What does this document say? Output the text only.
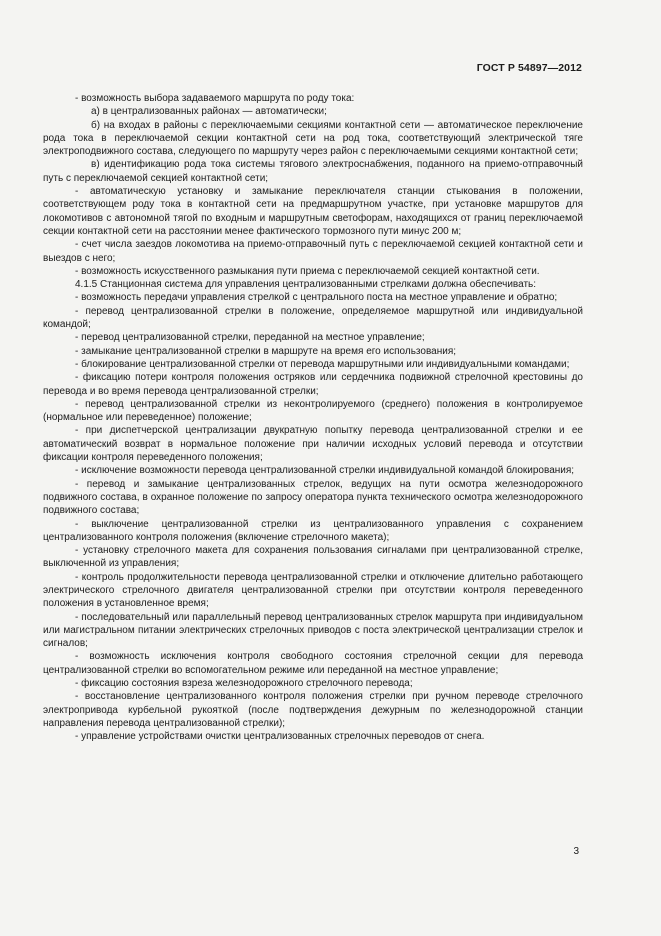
ГОСТ Р 54897—2012

- возможность выбора задаваемого маршрута по роду тока:

а) в централизованных районах — автоматически;

б) на входах в районы с переключаемыми секциями контактной сети — автоматическое переключение рода тока в переключаемой секции контактной сети на род тока, соответствующий электрической тяге электроподвижного состава, следующего по маршруту через район с переключаемыми секциями контактной сети;

в) идентификацию рода тока системы тягового электроснабжения, поданного на приемо-отправочный путь с переключаемой секцией контактной сети;

- автоматическую установку и замыкание переключателя станции стыкования в положении, соответствующем роду тока в контактной сети на предмаршрутном участке, при установке маршрутов для локомотивов с автономной тягой по входным и маршрутным светофорам, находящихся от границ переключаемой секции контактной сети на расстоянии менее фактического тормозного пути минус 200 м;

- счет числа заездов локомотива на приемо-отправочный путь с переключаемой секцией контактной сети и выездов с него;

- возможность искусственного размыкания пути приема с переключаемой секцией контактной сети.

4.1.5 Станционная система для управления централизованными стрелками должна обеспечивать:

- возможность передачи управления стрелкой с центрального поста на местное управление и обратно;

- перевод централизованной стрелки в положение, определяемое маршрутной или индивидуальной командой;

- перевод централизованной стрелки, переданной на местное управление;

- замыкание централизованной стрелки в маршруте на время его использования;

- блокирование централизованной стрелки от перевода маршрутными или индивидуальными командами;

- фиксацию потери контроля положения остряков или сердечника подвижной стрелочной крестовины до перевода и во время перевода централизованной стрелки;

- перевод централизованной стрелки из неконтролируемого (среднего) положения в контролируемое (нормальное или переведенное) положение;

- при диспетчерской централизации двукратную попытку перевода централизованной стрелки и ее автоматический возврат в нормальное положение при наличии исходных условий перевода и отсутствии фиксации контроля переведенного положения;

- исключение возможности перевода централизованной стрелки индивидуальной командой блокирования;

- перевод и замыкание централизованных стрелок, ведущих на пути осмотра железнодорожного подвижного состава, в охранное положение по запросу оператора пункта технического осмотра железнодорожного подвижного состава;

- выключение централизованной стрелки из централизованного управления с сохранением централизованного контроля положения (включение стрелочного макета);

- установку стрелочного макета для сохранения пользования сигналами при централизованной стрелке, выключенной из управления;

- контроль продолжительности перевода централизованной стрелки и отключение длительно работающего электрического стрелочного двигателя централизованной стрелки при отсутствии контроля переведенного положения в установленное время;

- последовательный или параллельный перевод централизованных стрелок маршрута при индивидуальном или магистральном питании электрических стрелочных приводов с поста электрической централизации стрелок и сигналов;

- возможность исключения контроля свободного состояния стрелочной секции для перевода централизованной стрелки во вспомогательном режиме или переданной на местное управление;

- фиксацию состояния взреза железнодорожного стрелочного перевода;

- восстановление централизованного контроля положения стрелки при ручном переводе стрелочного электропривода курбельной рукояткой (после подтверждения дежурным по железнодорожной станции направления перевода централизованной стрелки);

- управление устройствами очистки централизованных стрелочных переводов от снега.

3
